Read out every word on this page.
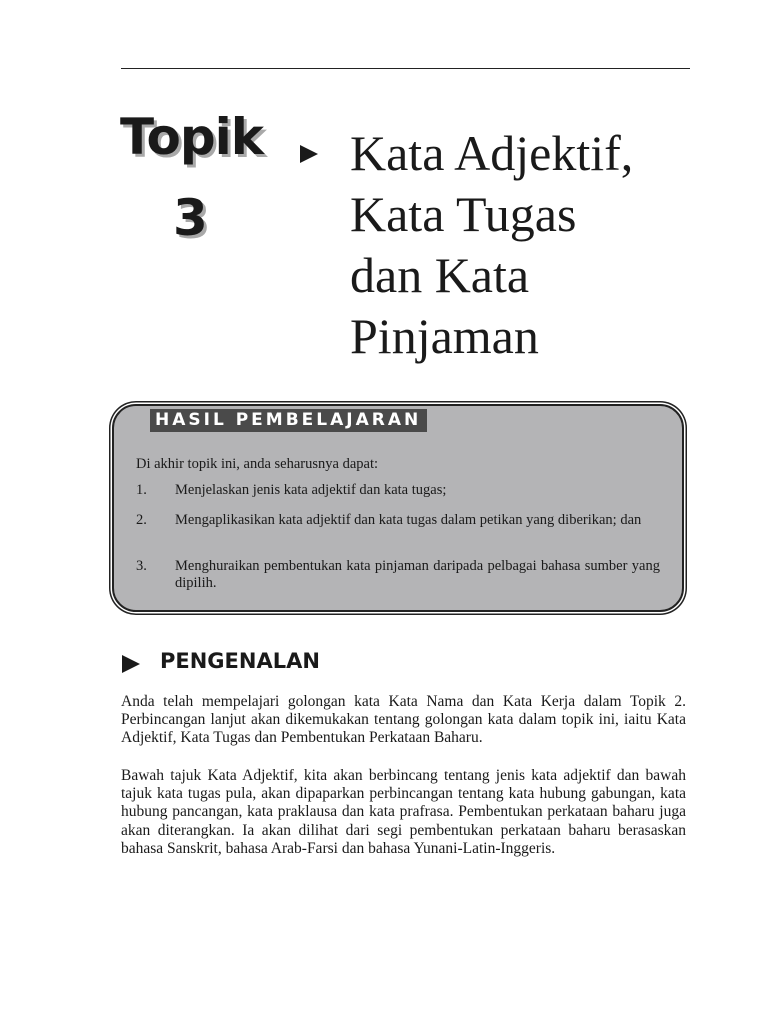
Topik
3
Kata Adjektif,
Kata Tugas
dan Kata
Pinjaman
HASIL PEMBELAJARAN
Di akhir topik ini, anda seharusnya dapat:
1. Menjelaskan jenis kata adjektif dan kata tugas;
2. Mengaplikasikan kata adjektif dan kata tugas dalam petikan yang diberikan; dan
3. Menghuraikan pembentukan kata pinjaman daripada pelbagai bahasa sumber yang dipilih.
PENGENALAN
Anda telah mempelajari golongan kata Kata Nama dan Kata Kerja dalam Topik 2. Perbincangan lanjut akan dikemukakan tentang golongan kata dalam topik ini, iaitu Kata Adjektif, Kata Tugas dan Pembentukan Perkataan Baharu.
Bawah tajuk Kata Adjektif, kita akan berbincang tentang jenis kata adjektif dan bawah tajuk kata tugas pula, akan dipaparkan perbincangan tentang kata hubung gabungan, kata hubung pancangan, kata praklausa dan kata prafrasa. Pembentukan perkataan baharu juga akan diterangkan. Ia akan dilihat dari segi pembentukan perkataan baharu berasaskan bahasa Sanskrit, bahasa Arab-Farsi dan bahasa Yunani-Latin-Inggeris.
